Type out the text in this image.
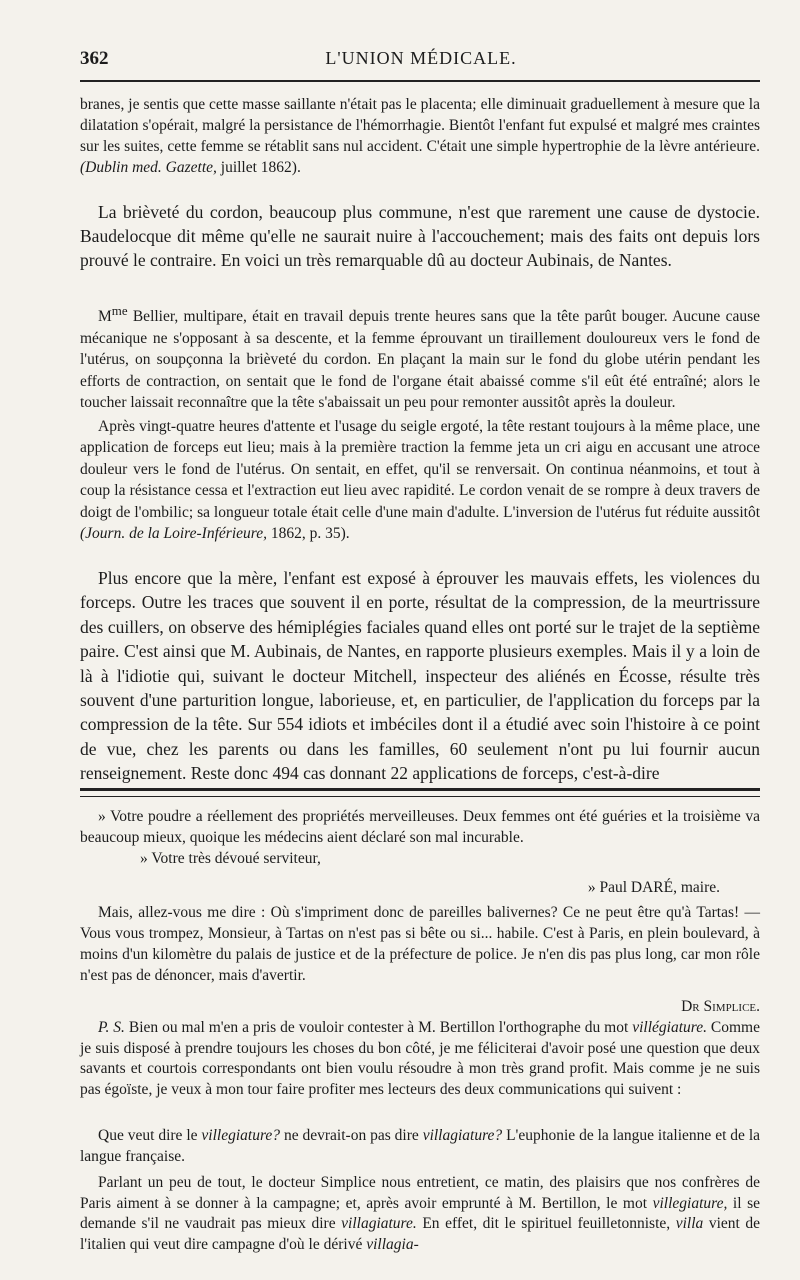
362	L'UNION MÉDICALE.

branes, je sentis que cette masse saillante n'était pas le placenta; elle diminuait graduellement à mesure que la dilatation s'opérait, malgré la persistance de l'hémorrhagie. Bientôt l'enfant fut expulsé et malgré mes craintes sur les suites, cette femme se rétablit sans nul accident. C'était une simple hypertrophie de la lèvre antérieure. (Dublin med. Gazette, juillet 1862).

La brièveté du cordon, beaucoup plus commune, n'est que rarement une cause de dystocie. Baudelocque dit même qu'elle ne saurait nuire à l'accouchement; mais des faits ont depuis lors prouvé le contraire. En voici un très remarquable dû au docteur Aubinais, de Nantes.

$M^{me}$ Bellier, multipare, était en travail depuis trente heures sans que la tête parût bouger. Aucune cause mécanique ne s'opposant à sa descente, et la femme éprouvant un tiraillement douloureux vers le fond de l'utérus, on soupçonna la brièveté du cordon. En plaçant la main sur le fond du globe utérin pendant les efforts de contraction, on sentait que le fond de l'organe était abaissé comme s'il eût été entraîné; alors le toucher laissait reconnaître que la tête s'abaissait un peu pour remonter aussitôt après la douleur.

Après vingt-quatre heures d'attente et l'usage du seigle ergoté, la tête restant toujours à la même place, une application de forceps eut lieu; mais à la première traction la femme jeta un cri aigu en accusant une atroce douleur vers le fond de l'utérus. On sentait, en effet, qu'il se renversait. On continua néanmoins, et tout à coup la résistance cessa et l'extraction eut lieu avec rapidité. Le cordon venait de se rompre à deux travers de doigt de l'ombilic; sa longueur totale était celle d'une main d'adulte. L'inversion de l'utérus fut réduite aussitôt (Journ. de la Loire-Inférieure, 1862, p. 35).

Plus encore que la mère, l'enfant est exposé à éprouver les mauvais effets, les violences du forceps. Outre les traces que souvent il en porte, résultat de la compression, de la meurtrissure des cuillers, on observe des hémiplégies faciales quand elles ont porté sur le trajet de la septième paire. C'est ainsi que M. Aubinais, de Nantes, en rapporte plusieurs exemples. Mais il y a loin de là à l'idiotie qui, suivant le docteur Mitchell, inspecteur des aliénés en Écosse, résulte très souvent d'une parturition longue, laborieuse, et, en particulier, de l'application du forceps par la compression de la tête. Sur 554 idiots et imbéciles dont il a étudié avec soin l'histoire à ce point de vue, chez les parents ou dans les familles, 60 seulement n'ont pu lui fournir aucun renseignement. Reste donc 494 cas donnant 22 applications de forceps, c'est-à-dire

» Votre poudre a réellement des propriétés merveilleuses. Deux femmes ont été guéries et la troisième va beaucoup mieux, quoique les médecins aient déclaré son mal incurable.

» Votre très dévoué serviteur,

» Paul DARÉ, maire.

Mais, allez-vous me dire : Où s'impriment donc de pareilles balivernes? Ce ne peut être qu'à Tartas! — Vous vous trompez, Monsieur, à Tartas on n'est pas si bête ou si... habile. C'est à Paris, en plein boulevard, à moins d'un kilomètre du palais de justice et de la préfecture de police. Je n'en dis pas plus long, car mon rôle n'est pas de dénoncer, mais d'avertir.

Dr Simplice.

P. S. Bien ou mal m'en a pris de vouloir contester à M. Bertillon l'orthographe du mot villégiature. Comme je suis disposé à prendre toujours les choses du bon côté, je me féliciterai d'avoir posé une question que deux savants et courtois correspondants ont bien voulu résoudre à mon très grand profit. Mais comme je ne suis pas égoïste, je veux à mon tour faire profiter mes lecteurs des deux communications qui suivent :

Que veut dire le villegiature? ne devrait-on pas dire villagiature? L'euphonie de la langue italienne et de la langue française.

Parlant un peu de tout, le docteur Simplice nous entretient, ce matin, des plaisirs que nos confrères de Paris aiment à se donner à la campagne; et, après avoir emprunté à M. Bertillon, le mot villegiature, il se demande s'il ne vaudrait pas mieux dire villagiature. En effet, dit le spirituel feuilletonniste, villa vient de l'italien qui veut dire campagne d'où le dérivé villagia-
